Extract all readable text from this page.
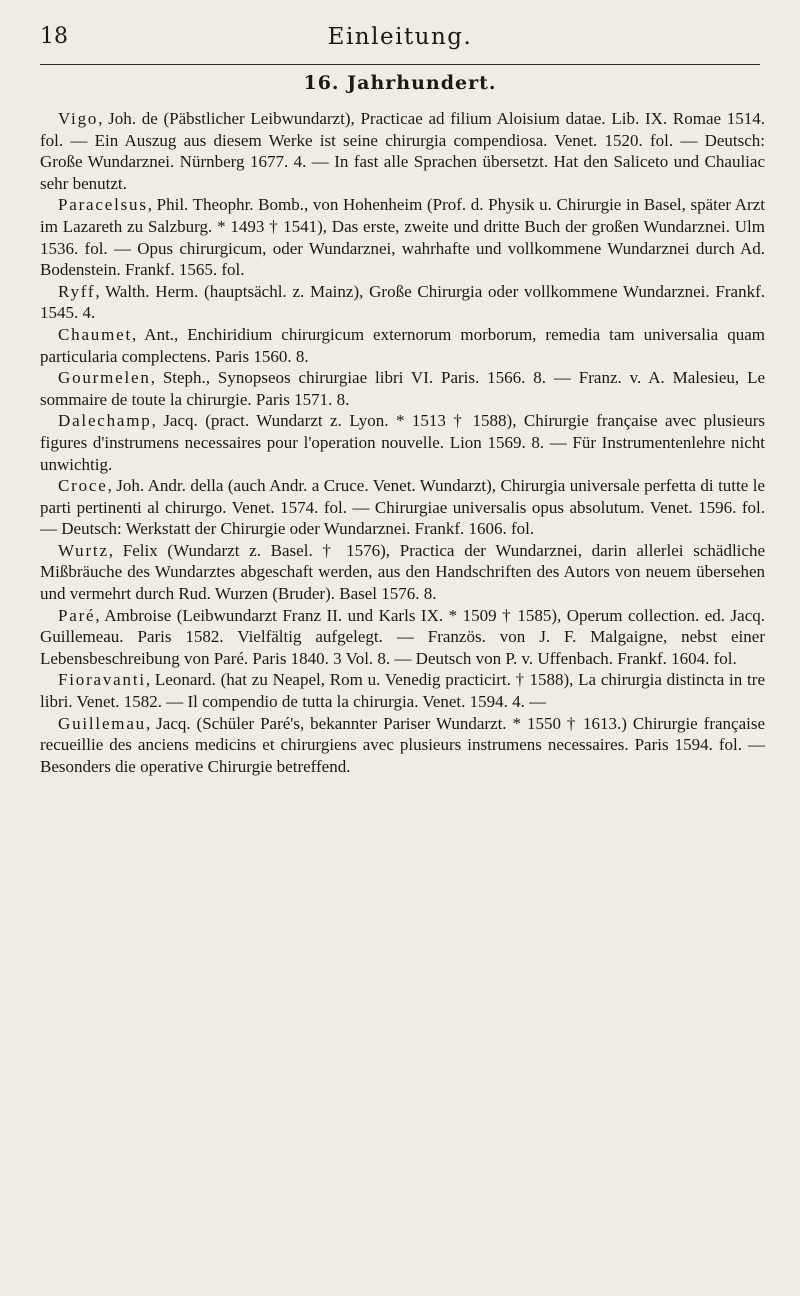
18	Einleitung.
16. Jahrhundert.

Vigo, Joh. de (Päbstlicher Leibwundarzt), Practicae ad filium Aloisium datae. Lib. IX. Romae 1514. fol. — Ein Auszug aus diesem Werke ist seine chirurgia compendiosa. Venet. 1520. fol. — Deutsch: Große Wundarznei. Nürnberg 1677. 4. — In fast alle Sprachen übersetzt. Hat den Saliceto und Chauliac sehr benutzt.

Paracelsus, Phil. Theophr. Bomb., von Hohenheim (Prof. d. Physik u. Chirurgie in Basel, später Arzt im Lazareth zu Salzburg. * 1493 † 1541), Das erste, zweite und dritte Buch der großen Wundarznei. Ulm 1536. fol. — Opus chirurgicum, oder Wundarznei, wahrhafte und vollkommene Wundarznei durch Ad. Bodenstein. Frankf. 1565. fol.

Ryff, Walth. Herm. (hauptsächl. z. Mainz), Große Chirurgia oder vollkommene Wundarznei. Frankf. 1545. 4.

Chaumet, Ant., Enchiridium chirurgicum externorum morborum, remedia tam universalia quam particularia complectens. Paris 1560. 8.

Gourmelen, Steph., Synopseos chirurgiae libri VI. Paris. 1566. 8. — Franz. v. A. Malesieu, Le sommaire de toute la chirurgie. Paris 1571. 8.

Dalechamp, Jacq. (pract. Wundarzt z. Lyon. * 1513 † 1588), Chirurgie française avec plusieurs figures d'instrumens necessaires pour l'operation nouvelle. Lion 1569. 8. — Für Instrumentenlehre nicht unwichtig.

Croce, Joh. Andr. della (auch Andr. a Cruce. Venet. Wundarzt), Chirurgia universale perfetta di tutte le parti pertinenti al chirurgo. Venet. 1574. fol. — Chirurgiae universalis opus absolutum. Venet. 1596. fol. — Deutsch: Werkstatt der Chirurgie oder Wundarznei. Frankf. 1606. fol.

Wurtz, Felix (Wundarzt z. Basel. † 1576), Practica der Wundarznei, darin allerlei schädliche Mißbräuche des Wundarztes abgeschaft werden, aus den Handschriften des Autors von neuem übersehen und vermehrt durch Rud. Wurzen (Bruder). Basel 1576. 8.

Paré, Ambroise (Leibwundarzt Franz II. und Karls IX. * 1509 † 1585), Operum collection. ed. Jacq. Guillemeau. Paris 1582. Vielfältig aufgelegt. — Französ. von J. F. Malgaigne, nebst einer Lebensbeschreibung von Paré. Paris 1840. 3 Vol. 8. — Deutsch von P. v. Uffenbach. Frankf. 1604. fol.

Fioravanti, Leonard. (hat zu Neapel, Rom u. Venedig practicirt. † 1588), La chirurgia distincta in tre libri. Venet. 1582. — Il compendio de tutta la chirurgia. Venet. 1594. 4. —

Guillemau, Jacq. (Schüler Paré's, bekannter Pariser Wundarzt. * 1550 † 1613.) Chirurgie française recueillie des anciens medicins et chirurgiens avec plusieurs instrumens necessaires. Paris 1594. fol. — Besonders die operative Chirurgie betreffend.
